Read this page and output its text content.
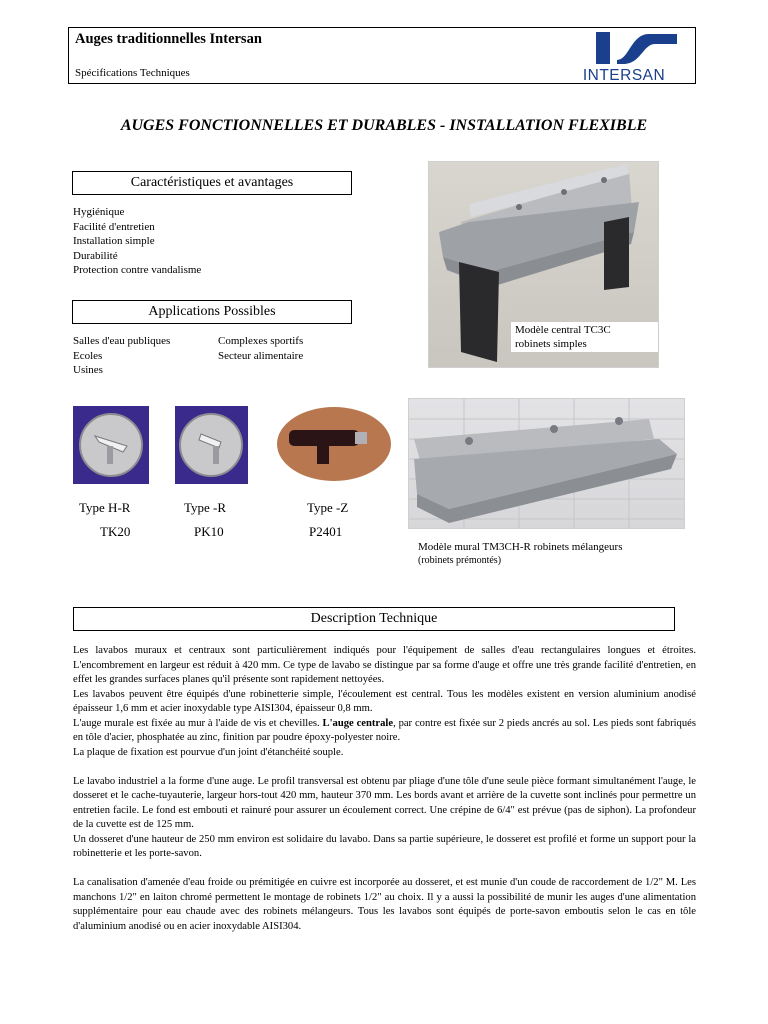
Auges traditionnelles Intersan
Spécifications Techniques	INTERSAN
AUGES FONCTIONNELLES ET DURABLES - INSTALLATION FLEXIBLE
Caractéristiques et avantages
Hygiénique
Facilité d'entretien
Installation simple
Durabilité
Protection contre vandalisme
Applications Possibles
Salles d'eau publiques
Ecoles
Usines
Complexes sportifs
Secteur alimentaire
Modèle central TC3C
robinets simples
Type H-R
TK20
Type -R
PK10
Type -Z
P2401
Modèle mural TM3CH-R robinets mélangeurs
(robinets prémontés)
Description Technique

Les lavabos muraux et centraux sont particulièrement indiqués pour l'équipement de salles d'eau rectangulaires longues et étroites. L'encombrement en largeur est réduit à 420 mm. Ce type de lavabo se distingue par sa forme d'auge et offre une très grande facilité d'entretien, en effet les grandes surfaces planes qu'il présente sont rapidement nettoyées.
Les lavabos peuvent être équipés d'une robinetterie simple, l'écoulement est central. Tous les modèles existent en version aluminium anodisé épaisseur 1,6 mm et acier inoxydable type AISI304, épaisseur 0,8 mm.
L'auge murale est fixée au mur à l'aide de vis et chevilles. L'auge centrale, par contre est fixée sur 2 pieds ancrés au sol. Les pieds sont fabriqués en tôle d'acier, phosphatée au zinc, finition par poudre époxy-polyester noire.
La plaque de fixation est pourvue d'un joint d'étanchéité souple.

Le lavabo industriel a la forme d'une auge. Le profil transversal est obtenu par pliage d'une tôle d'une seule pièce formant simultanément l'auge, le dosseret et le cache-tuyauterie, largeur hors-tout 420 mm, hauteur 370 mm. Les bords avant et arrière de la cuvette sont inclinés pour permettre un entretien facile. Le fond est embouti et rainuré pour assurer un écoulement correct. Une crépine de 6/4" est prévue (pas de siphon). La profondeur de la cuvette est de 125 mm.
Un dosseret d'une hauteur de 250 mm environ est solidaire du lavabo. Dans sa partie supérieure, le dosseret est profilé et forme un support pour la robinetterie et les porte-savon.

La canalisation d'amenée d'eau froide ou prémitigée en cuivre est incorporée au dosseret, et est munie d'un coude de raccordement de 1/2" M. Les manchons 1/2" en laiton chromé permettent le montage de robinets 1/2" au choix. Il y a aussi la possibilité de munir les auges d'une alimentation supplémentaire pour eau chaude avec des robinets mélangeurs. Tous les lavabos sont équipés de porte-savon emboutis selon le cas en tôle d'aluminium anodisé ou en acier inoxydable AISI304.
